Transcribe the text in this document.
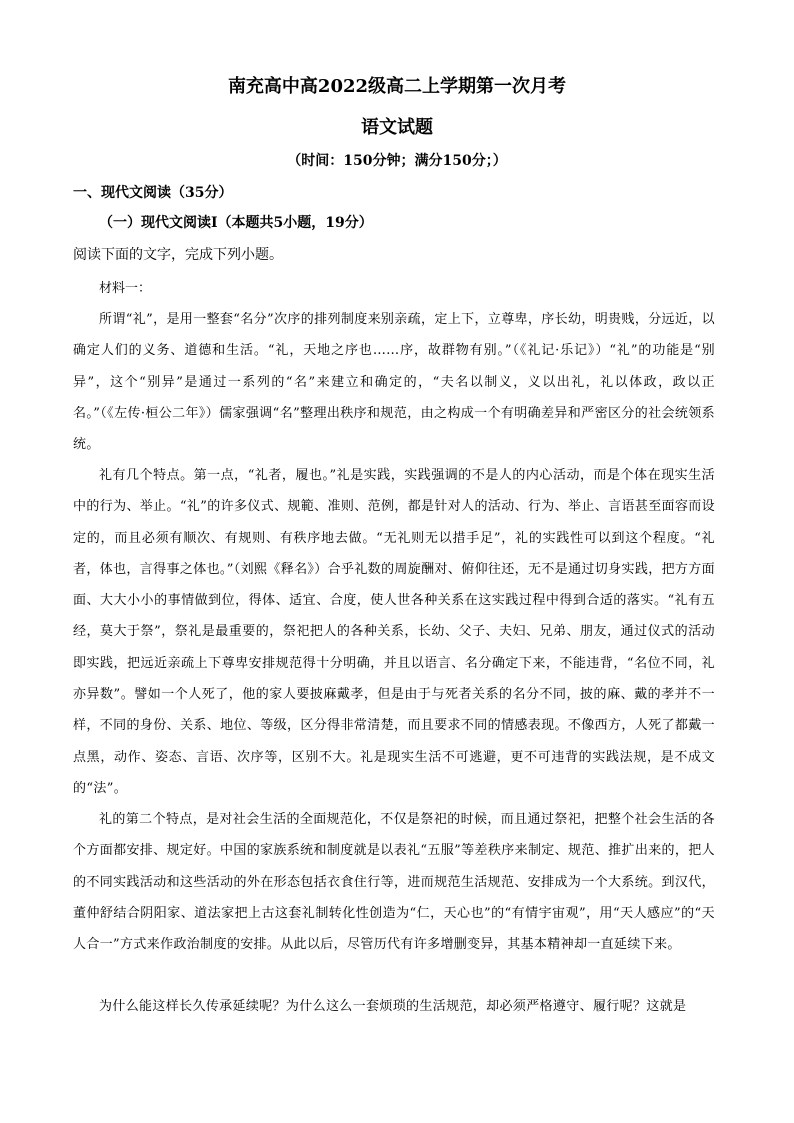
南充高中高2022级高二上学期第一次月考
语文试题
（时间：150分钟；满分150分；）
一、现代文阅读（35分）
（一）现代文阅读Ⅰ（本题共5小题，19分）
阅读下面的文字，完成下列小题。
材料一：
所谓“礼”，是用一整套“名分”次序的排列制度来别亲疏，定上下，立尊卑，序长幼，明贵贱，分远近，以确定人们的义务、道德和生活。“礼，天地之序也……序，故群物有别。”（《礼记·乐记》）“礼”的功能是“别异”，这个“别异”是通过一系列的“名”来建立和确定的，“夫名以制义，义以出礼，礼以体政，政以正名。”（《左传·桓公二年》）儒家强调“名”整理出秩序和规范，由之构成一个有明确差异和严密区分的社会统领系统。
礼有几个特点。第一点，“礼者，履也。”礼是实践，实践强调的不是人的内心活动，而是个体在现实生活中的行为、举止。“礼”的许多仪式、规範、准则、范例，都是针对人的活动、行为、举止、言语甚至面容而设定的，而且必须有顺次、有规则、有秩序地去做。“无礼则无以措手足”，礼的实践性可以到这个程度。“礼者，体也，言得事之体也。”（刘熙《释名》）合乎礼数的周旋酬对、俯仰往还，无不是通过切身实践，把方方面面、大大小小的事情做到位，得体、适宜、合度，使人世各种关系在这实践过程中得到合适的落实。“礼有五经，莫大于祭”，祭礼是最重要的，祭祀把人的各种关系，长幼、父子、夫妇、兄弟、朋友，通过仪式的活动即实践，把远近亲疏上下尊卑安排规范得十分明确，并且以语言、名分确定下来，不能违背，“名位不同，礼亦异数”。譬如一个人死了，他的家人要披麻戴孝，但是由于与死者关系的名分不同，披的麻、戴的孝并不一样，不同的身份、关系、地位、等级，区分得非常清楚，而且要求不同的情感表现。不像西方，人死了都戴一点黑，动作、姿态、言语、次序等，区别不大。礼是现实生活不可逃避，更不可违背的实践法规，是不成文的“法”。
礼的第二个特点，是对社会生活的全面规范化，不仅是祭祀的时候，而且通过祭祀，把整个社会生活的各个方面都安排、规定好。中国的家族系统和制度就是以表礼“五服”等差秩序来制定、规范、推扩出来的，把人的不同实践活动和这些活动的外在形态包括衣食住行等，进而规范生活规范、安排成为一个大系统。到汉代，董仲舒结合阴阳家、道法家把上古这套礼制转化性创造为“仁，天心也”的“有情宇宙观”，用“天人感应”的“天人合一”方式来作政治制度的安排。从此以后，尽管历代有许多增删变异，其基本精神却一直延续下来。
为什么能这样长久传承延续呢？为什么这么一套烦琐的生活规范，却必须严格遵守、履行呢？这就是
